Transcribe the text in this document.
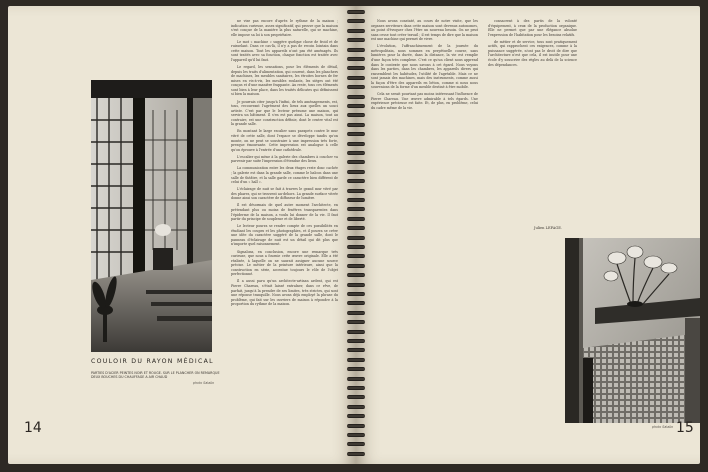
COULOIR DU RAYON MÉDICAL
PARTIES D'ACIER PEINTES NOIR ET ROUGE. SUR LE PLANCHER ON REMARQUE DEUX BOUCHES DU CHAUFFAGE A AIR CHAUD
photo Salaün
14

ne vise pas encore d'après le rythme de la maison ; indication curieuse, assez significatif, qui prouve que la maison s'est conçue de la manière la plus naturelle, qui se machine, elle impose sa loi à son propriétaire.

Le mot « machine » suggère quelque chose de froid et de ruisselant. Dans ce cas-là, il n'y a pas de recoin lointain dans cette maison. Tout les appareils n'ont pas été aménagés. Ils sont traités avec sa fonction, chaque fonction est traitée avec l'appareil qu'il lui faut.

Le regard, les sensations, pour les éléments de détail, depuis les traits d'alimentation, qui courent, dans les planchers de machines, les meubles sanitaires, les étroites bornes de fer mises en vis-à-vis, les meubles roulants, les sièges ont été conçus et d'une manière frappante. Au reste, tous ces éléments sont bien à leur place, dans les traités délicates qui définissent si bien la maison.

Je pourrais citer jusqu'à l'infini, de tels aménagements, est, tous, recouvrant l'agrément des lieux aux quelles un souci artiste. C'est par que le lecteur présume une maison, qui servira un bâtiment. Il s'en est pas ainsi. La maison, tout au contraire, est une construction définie, dont le centre vital est la grande salle.

En montant le large escalier sans parapets contre le mur vitré de cette salle, dont l'espace se développe tandis qu'on monte, on ne peut se soustraire à une impression très forte, presque émouvante. Cette impression est analogue à celle qu'on éprouve à l'entrée d'une cathédrale.

L'escalier qui mène à la galerie des chambres à coucher va parvenir par suite l'impression d'étendue des lieux.

La communication entre les deux étages reste donc cachée ; la galerie est dans la grande salle, comme le balcon dans une salle de théâtre, et la salle garde ce caractère bien différent de celui d'un « hall ».

L'éclairage de nuit se fait à travers le grand mur vitré par des phares, qui se trouvent au-dehors. La grande surface vitrée donne ainsi son caractère de diffuseur de lumière.

Il est désormais de quel autre moment l'architecte, en prétendant plus ou moins de fenêtres transparentes dans l'épiderme de la maison, a voulu lui donner de la vie. Il faut partir du principe de souplesse et de liberté.

Le lecteur pourra se rendre compte de ces possibilités en étudiant les coupes et les photographies, et il pourra se créer une idée du caractère suggéré de la grande salle, dont le panneau d'éclairage de nuit est un détail qui dit plus que n'importe quel raisonnement.

Signalons, en conclusion, encore une remarque très curieuse, que nous a fournie cette œuvre originale. Elle a été réalisée, à laquelle on ne saurait assigner aucune source précise. Le métier de la peinture intérieure, ainsi que la construction en série, accentue toujours le rôle de l'objet perfectionné.

Il a aussi paru qu'un architecte-artisan ardent, qui est Pierre Chareau, s'était laissé entraîner, dans ce rêve, de parfait, jusqu'à la prendre de ses limites, très strictes, qui sont une réponse tranquille. Nous avons déjà employé la phrase du problème, qui fait sur les ouvriers de maison à répondre à la proportion du rythme de la maison.

Nous avons constaté, au cours de notre visite, que les organes serviteurs dans cette maison sont devenus autonomes, au point d'évoquer chez l'être un nouveau besoin. On ne peut sans cesse tout créer travail ; il est temps de dire que la maison est une machine qui permet de vivre.

L'évolution, l'affranchissement de la journée du métropolitain, nous sommes en perpétuelle course, sans lumières pour la durée, dans la distance, la vie est remplie d'une façon très complexe. C'est ce qu'un client nous apprend dans le contexte que nous savons à cet égard. Nous voyons dans les parties, dans les chambres, les appareils divers qui rassemblent les habitudes, l'utilité de l'agréable. Mais ce ne sont jamais des machines, mais des instruments, comme aussi la façon d'être des appareils en béton, comme si nous nous souvenions de la forme d'un meuble destiné à être mobile.

Cela ne serait pourtant pas moins intéressant l'influence de Pierre Chareau. Une œuvre admirable à tels égards. Une expérience précieuse est faite. Et, de plus, en problème, celui du cadre même de la vie.

consacrent à des partis de la volonté d'équipement, à ceux de la production organique. Elle ne permet que par une élégance absolue l'expression de l'habitation pour les besoins relatifs.

de métier et de service, tous sont pratiquement actifs, qui rapprochent ces exigences, comme à la puissance suggérée, n'ont pas le droit de dire que l'architecture n'est que cela, il est inutile pour une école d'y souscrire des règles au delà de la science des dépendances.

Julien LEPAGE.
photo Salaün 15
